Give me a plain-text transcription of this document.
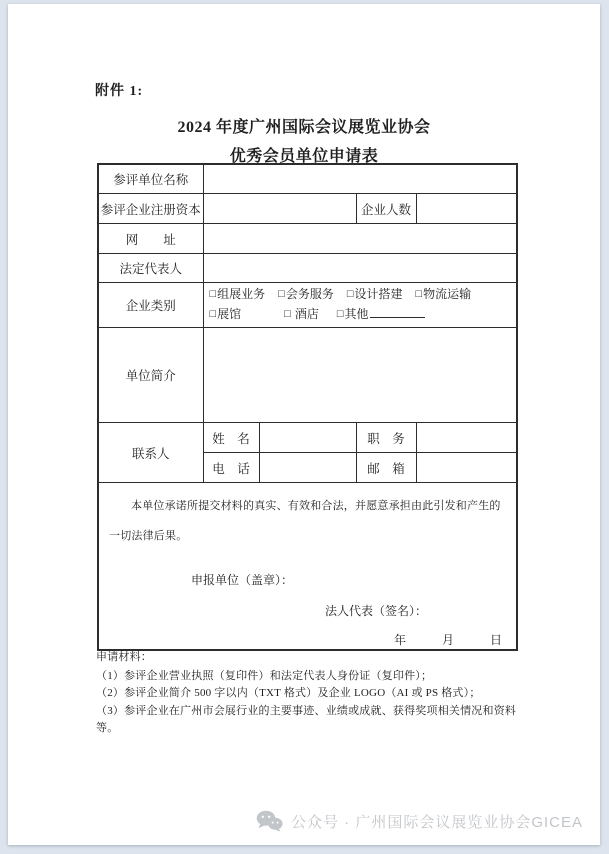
附件 1:
2024 年度广州国际会议展览业协会
优秀会员单位申请表
参评单位名称				
参评企业注册资本			企业人数	
网　　址				
法定代表人				
企业类别	□组展业务 □会务服务 □设计搭建 □物流运输
□展馆 □ 酒店 □其他			

单位简介				
联系人	姓　名		职　务	
	电　话		邮　箱	

本单位承诺所提交材料的真实、有效和合法，并愿意承担由此引发和产生的一切法律后果。
申报单位（盖章）：
法人代表（签名）：
年　　　月　　　日				
申请材料：
（1）参评企业营业执照（复印件）和法定代表人身份证（复印件）；
（2）参评企业简介 500 字以内（TXT 格式）及企业 LOGO（AI 或 PS 格式）；
（3）参评企业在广州市会展行业的主要事迹、业绩或成就、获得奖项相关情况和资料等。
公众号 · 广州国际会议展览业协会GICEA
